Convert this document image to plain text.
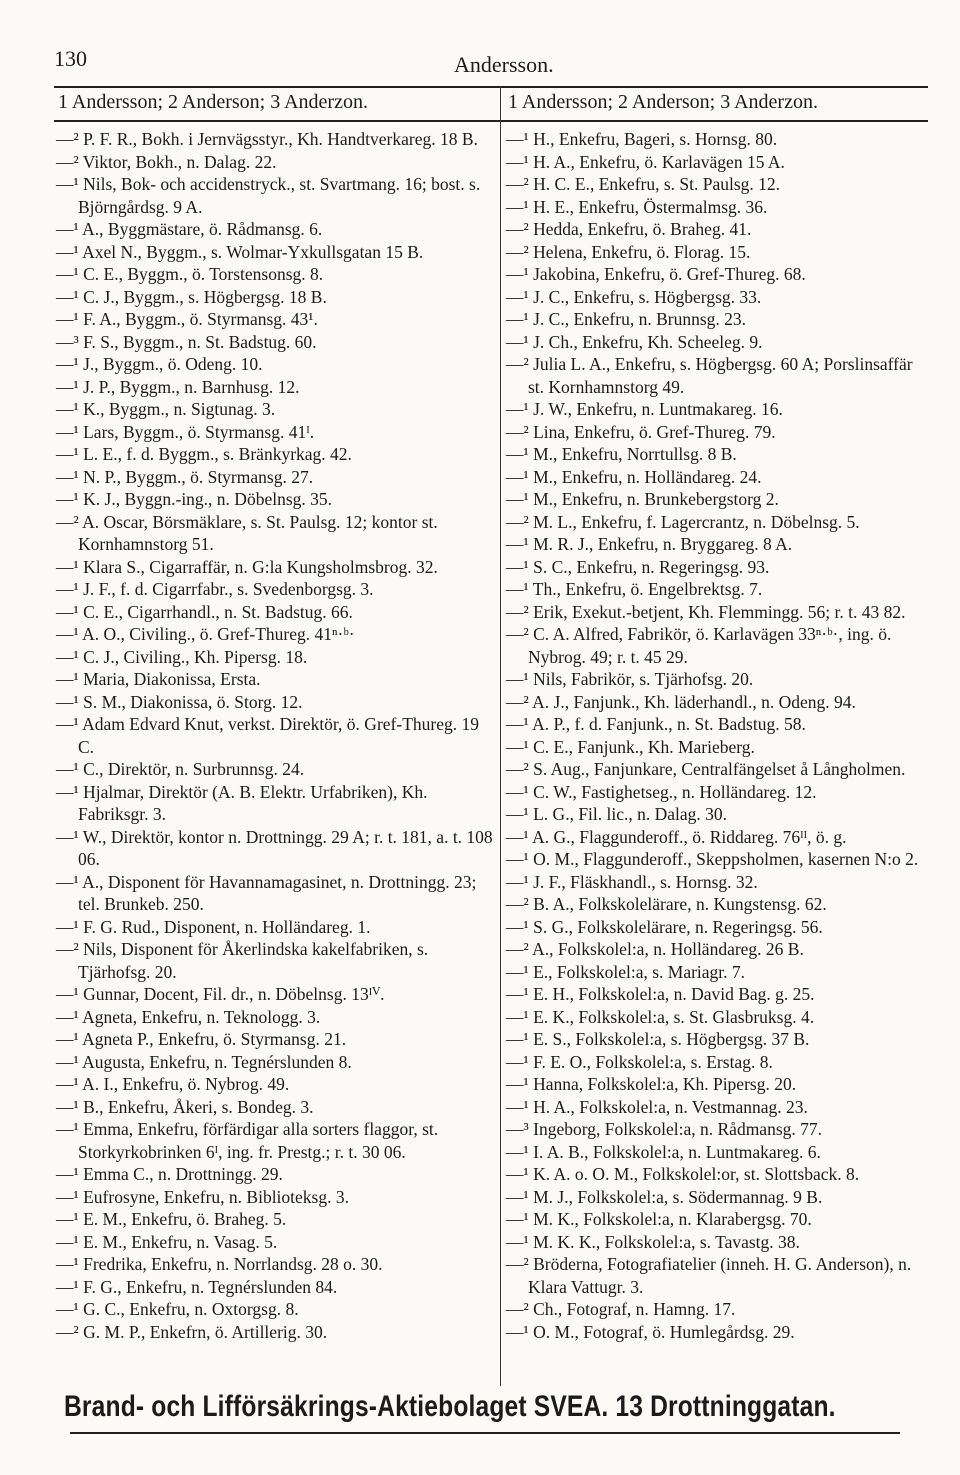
130	Andersson.
1 Andersson; 2 Anderson; 3 Anderzon.	1 Andersson; 2 Anderson; 3 Anderzon.
—² P. F. R., Bokh. i Jernvägsstyr., Kh. Handtverkareg. 18 B.
—² Viktor, Bokh., n. Dalag. 22.
—¹ Nils, Bok- och accidenstryck., st. Svartmang. 16; bost. s. Björngårdsg. 9 A.
—¹ A., Byggmästare, ö. Rådmansg. 6.
—¹ Axel N., Byggm., s. Wolmar-Yxkullsgatan 15 B.
—¹ C. E., Byggm., ö. Torstensonsg. 8.
—¹ C. J., Byggm., s. Högbergsg. 18 B.
—¹ F. A., Byggm., ö. Styrmansg. 43¹.
—³ F. S., Byggm., n. St. Badstug. 60.
—¹ J., Byggm., ö. Odeng. 10.
—¹ J. P., Byggm., n. Barnhusg. 12.
—¹ K., Byggm., n. Sigtunag. 3.
—¹ Lars, Byggm., ö. Styrmansg. 41ᴵ.
—¹ L. E., f. d. Byggm., s. Bränkyrkag. 42.
—¹ N. P., Byggm., ö. Styrmansg. 27.
—¹ K. J., Byggn.-ing., n. Döbelnsg. 35.
—² A. Oscar, Börsmäklare, s. St. Paulsg. 12; kontor st. Kornhamnstorg 51.
—¹ Klara S., Cigarraffär, n. G:la Kungsholmsbrog. 32.
—¹ J. F., f. d. Cigarrfabr., s. Svedenborgsg. 3.
—¹ C. E., Cigarrhandl., n. St. Badstug. 66.
—¹ A. O., Civiling., ö. Gref-Thureg. 41ⁿ·ᵇ·
—¹ C. J., Civiling., Kh. Pipersg. 18.
—¹ Maria, Diakonissa, Ersta.
—¹ S. M., Diakonissa, ö. Storg. 12.
—¹ Adam Edvard Knut, verkst. Direktör, ö. Gref-Thureg. 19 C.
—¹ C., Direktör, n. Surbrunnsg. 24.
—¹ Hjalmar, Direktör (A. B. Elektr. Urfabriken), Kh. Fabriksgr. 3.
—¹ W., Direktör, kontor n. Drottningg. 29 A; r. t. 181, a. t. 108 06.
—¹ A., Disponent för Havannamagasinet, n. Drottningg. 23; tel. Brunkeb. 250.
—¹ F. G. Rud., Disponent, n. Holländareg. 1.
—² Nils, Disponent för Åkerlindska kakelfabriken, s. Tjärhofsg. 20.
—¹ Gunnar, Docent, Fil. dr., n. Döbelnsg. 13ᴵⱽ.
—¹ Agneta, Enkefru, n. Teknologg. 3.
—¹ Agneta P., Enkefru, ö. Styrmansg. 21.
—¹ Augusta, Enkefru, n. Tegnérslunden 8.
—¹ A. I., Enkefru, ö. Nybrog. 49.
—¹ B., Enkefru, Åkeri, s. Bondeg. 3.
—¹ Emma, Enkefru, förfärdigar alla sorters flaggor, st. Storkyrkobrinken 6ᴵ, ing. fr. Prestg.; r. t. 30 06.
—¹ Emma C., n. Drottningg. 29.
—¹ Eufrosyne, Enkefru, n. Biblioteksg. 3.
—¹ E. M., Enkefru, ö. Braheg. 5.
—¹ E. M., Enkefru, n. Vasag. 5.
—¹ Fredrika, Enkefru, n. Norrlandsg. 28 o. 30.
—¹ F. G., Enkefru, n. Tegnérslunden 84.
—¹ G. C., Enkefru, n. Oxtorgsg. 8.
—² G. M. P., Enkefrn, ö. Artillerig. 30.
—¹ H., Enkefru, Bageri, s. Hornsg. 80.
—¹ H. A., Enkefru, ö. Karlavägen 15 A.
—² H. C. E., Enkefru, s. St. Paulsg. 12.
—¹ H. E., Enkefru, Östermalmsg. 36.
—² Hedda, Enkefru, ö. Braheg. 41.
—² Helena, Enkefru, ö. Florag. 15.
—¹ Jakobina, Enkefru, ö. Gref-Thureg. 68.
—¹ J. C., Enkefru, s. Högbergsg. 33.
—¹ J. C., Enkefru, n. Brunnsg. 23.
—¹ J. Ch., Enkefru, Kh. Scheeleg. 9.
—² Julia L. A., Enkefru, s. Högbergsg. 60 A; Porslinsaffär st. Kornhamnstorg 49.
—¹ J. W., Enkefru, n. Luntmakareg. 16.
—² Lina, Enkefru, ö. Gref-Thureg. 79.
—¹ M., Enkefru, Norrtullsg. 8 B.
—¹ M., Enkefru, n. Holländareg. 24.
—¹ M., Enkefru, n. Brunkebergstorg 2.
—² M. L., Enkefru, f. Lagercrantz, n. Döbelnsg. 5.
—¹ M. R. J., Enkefru, n. Bryggareg. 8 A.
—¹ S. C., Enkefru, n. Regeringsg. 93.
—¹ Th., Enkefru, ö. Engelbrektsg. 7.
—² Erik, Exekut.-betjent, Kh. Flemmingg. 56; r. t. 43 82.
—² C. A. Alfred, Fabrikör, ö. Karlavägen 33ⁿ·ᵇ·, ing. ö. Nybrog. 49; r. t. 45 29.
—¹ Nils, Fabrikör, s. Tjärhofsg. 20.
—² A. J., Fanjunk., Kh. läderhandl., n. Odeng. 94.
—¹ A. P., f. d. Fanjunk., n. St. Badstug. 58.
—¹ C. E., Fanjunk., Kh. Marieberg.
—² S. Aug., Fanjunkare, Centralfängelset å Långholmen.
—¹ C. W., Fastighetseg., n. Holländareg. 12.
—¹ L. G., Fil. lic., n. Dalag. 30.
—¹ A. G., Flaggunderoff., ö. Riddareg. 76ᴵᴵ, ö. g.
—¹ O. M., Flaggunderoff., Skeppsholmen, kasernen N:o 2.
—¹ J. F., Fläskhandl., s. Hornsg. 32.
—² B. A., Folkskolelärare, n. Kungstensg. 62.
—¹ S. G., Folkskolelärare, n. Regeringsg. 56.
—² A., Folkskolel:a, n. Holländareg. 26 B.
—¹ E., Folkskolel:a, s. Mariagr. 7.
—¹ E. H., Folkskolel:a, n. David Bag. g. 25.
—¹ E. K., Folkskolel:a, s. St. Glasbruksg. 4.
—¹ E. S., Folkskolel:a, s. Högbergsg. 37 B.
—¹ F. E. O., Folkskolel:a, s. Erstag. 8.
—¹ Hanna, Folkskolel:a, Kh. Pipersg. 20.
—¹ H. A., Folkskolel:a, n. Vestmannag. 23.
—³ Ingeborg, Folkskolel:a, n. Rådmansg. 77.
—¹ I. A. B., Folkskolel:a, n. Luntmakareg. 6.
—¹ K. A. o. O. M., Folkskolel:or, st. Slottsback. 8.
—¹ M. J., Folkskolel:a, s. Södermannag. 9 B.
—¹ M. K., Folkskolel:a, n. Klarabergsg. 70.
—¹ M. K. K., Folkskolel:a, s. Tavastg. 38.
—² Bröderna, Fotografiatelier (inneh. H. G. Anderson), n. Klara Vattugr. 3.
—² Ch., Fotograf, n. Hamng. 17.
—¹ O. M., Fotograf, ö. Humlegårdsg. 29.
Brand- och Lifförsäkrings-Aktiebolaget SVEA. 13 Drottninggatan.
